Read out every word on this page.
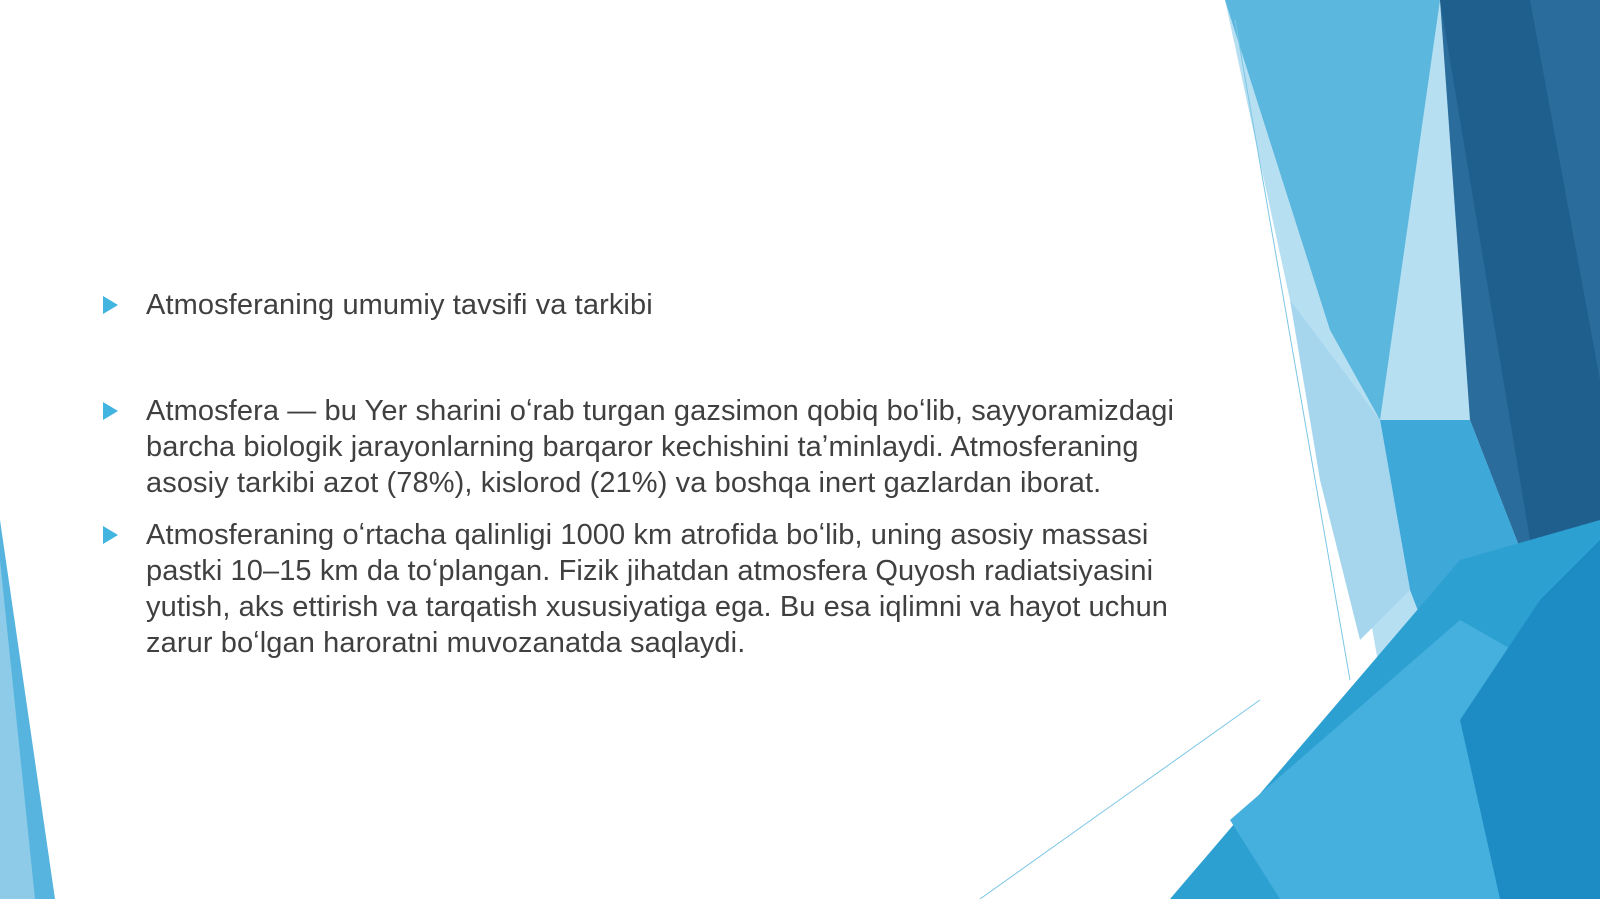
Atmosferaning umumiy tavsifi va tarkibi
Atmosfera — bu Yer sharini oʻrab turgan gazsimon qobiq boʻlib, sayyoramizdagi barcha biologik jarayonlarning barqaror kechishini taʼminlaydi. Atmosferaning asosiy tarkibi azot (78%), kislorod (21%) va boshqa inert gazlardan iborat.
Atmosferaning oʻrtacha qalinligi 1000 km atrofida boʻlib, uning asosiy massasi pastki 10–15 km da toʻplangan. Fizik jihatdan atmosfera Quyosh radiatsiyasini yutish, aks ettirish va tarqatish xususiyatiga ega. Bu esa iqlimni va hayot uchun zarur boʻlgan haroratni muvozanatda saqlaydi.
